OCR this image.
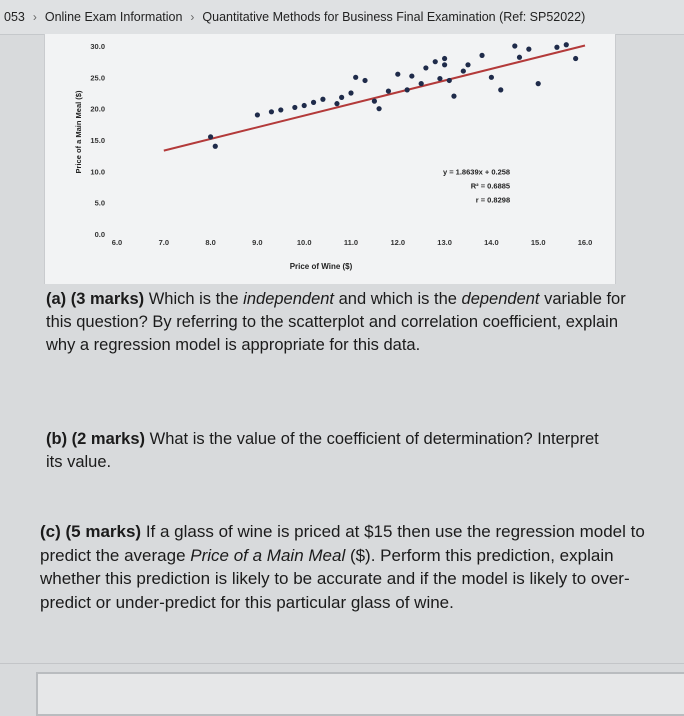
053 › Online Exam Information › Quantitative Methods for Business Final Examination (Ref: SP52022)
6.0	7.0	8.0	9.0	10.0	11.0	12.0	13.0	14.0	15.0	16.0
0.0
5.0
10.0
15.0
20.0
25.0
30.0
Price of Wine ($)
Price of a Main Meal ($)	y = 1.8639x + 0.258
R² = 0.6885
r = 0.8298
(a) (3 marks) Which is the independent and which is the dependent variable for this question? By referring to the scatterplot and correlation coefficient, explain why a regression model is appropriate for this data.
(b) (2 marks) What is the value of the coefficient of determination? Interpret its value.
(c) (5 marks) If a glass of wine is priced at $15 then use the regression model to predict the average Price of a Main Meal ($). Perform this prediction, explain whether this prediction is likely to be accurate and if the model is likely to over-predict or under-predict for this particular glass of wine.
